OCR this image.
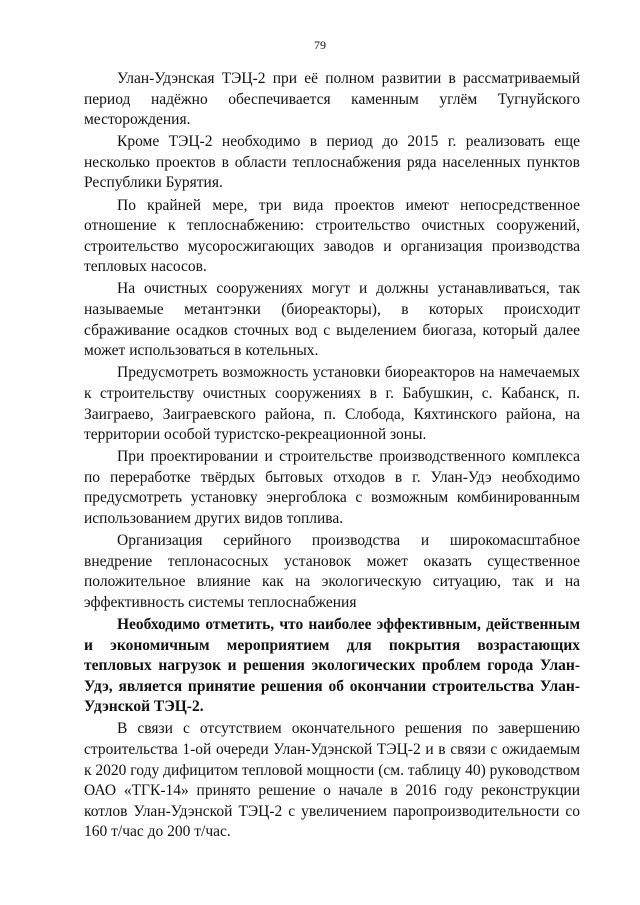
79

Улан-Удэнская ТЭЦ-2 при её полном развитии в рассматриваемый период надёжно обеспечивается каменным углём Тугнуйского месторождения.

Кроме ТЭЦ-2 необходимо в период до 2015 г. реализовать еще несколько проектов в области теплоснабжения ряда населенных пунктов Республики Бурятия.

По крайней мере, три вида проектов имеют непосредственное отношение к теплоснабжению: строительство очистных сооружений, строительство мусоросжигающих заводов и организация производства тепловых насосов.

На очистных сооружениях могут и должны устанавливаться, так называемые метантэнки (биореакторы), в которых происходит сбраживание осадков сточных вод с выделением биогаза, который далее может использоваться в котельных.

Предусмотреть возможность установки биореакторов на намечаемых к строительству очистных сооружениях в г. Бабушкин, с. Кабанск, п. Заиграево, Заиграевского района, п. Слобода, Кяхтинского района, на территории особой туристско-рекреационной зоны.

При проектировании и строительстве производственного комплекса по переработке твёрдых бытовых отходов в г. Улан-Удэ необходимо предусмотреть установку энергоблока с возможным комбинированным использованием других видов топлива.

Организация серийного производства и широкомасштабное внедрение теплонасосных установок может оказать существенное положительное влияние как на экологическую ситуацию, так и на эффективность системы теплоснабжения

Необходимо отметить, что наиболее эффективным, действенным и экономичным мероприятием для покрытия возрастающих тепловых нагрузок и решения экологических проблем города Улан-Удэ, является принятие решения об окончании строительства Улан-Удэнской ТЭЦ-2.

В связи с отсутствием окончательного решения по завершению строительства 1-ой очереди Улан-Удэнской ТЭЦ-2 и в связи с ожидаемым к 2020 году дифицитом тепловой мощности (см. таблицу 40) руководством ОАО «ТГК-14» принято решение о начале в 2016 году реконструкции котлов Улан-Удэнской ТЭЦ-2 с увеличением паропроизводительности со 160 т/час до 200 т/час.
